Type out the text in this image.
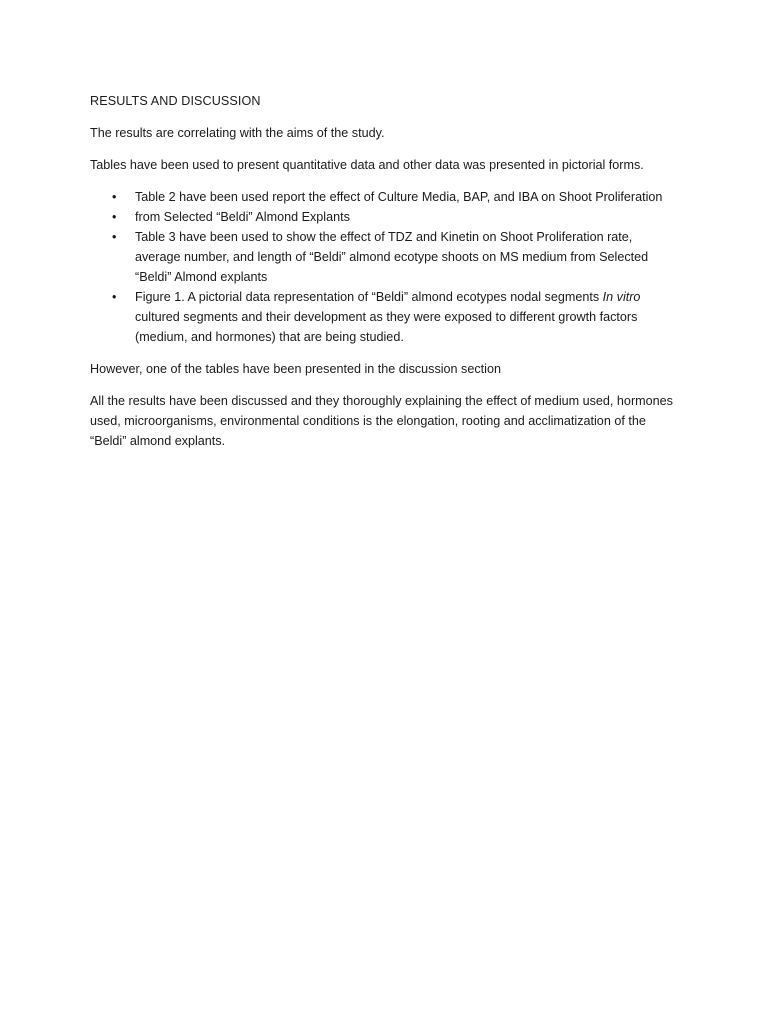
RESULTS AND DISCUSSION

The results are correlating with the aims of the study.

Tables have been used to present quantitative data and other data was presented in pictorial forms.

• Table 2 have been used report the effect of Culture Media, BAP, and IBA on Shoot Proliferation
• from Selected “Beldi” Almond Explants
• Table 3 have been used to show the effect of TDZ and Kinetin on Shoot Proliferation rate, average number, and length of “Beldi” almond ecotype shoots on MS medium from Selected “Beldi” Almond explants
• Figure 1. A pictorial data representation of “Beldi” almond ecotypes nodal segments In vitro cultured segments and their development as they were exposed to different growth factors (medium, and hormones) that are being studied.

However, one of the tables have been presented in the discussion section

All the results have been discussed and they thoroughly explaining the effect of medium used, hormones used, microorganisms, environmental conditions is the elongation, rooting and acclimatization of the “Beldi” almond explants.
